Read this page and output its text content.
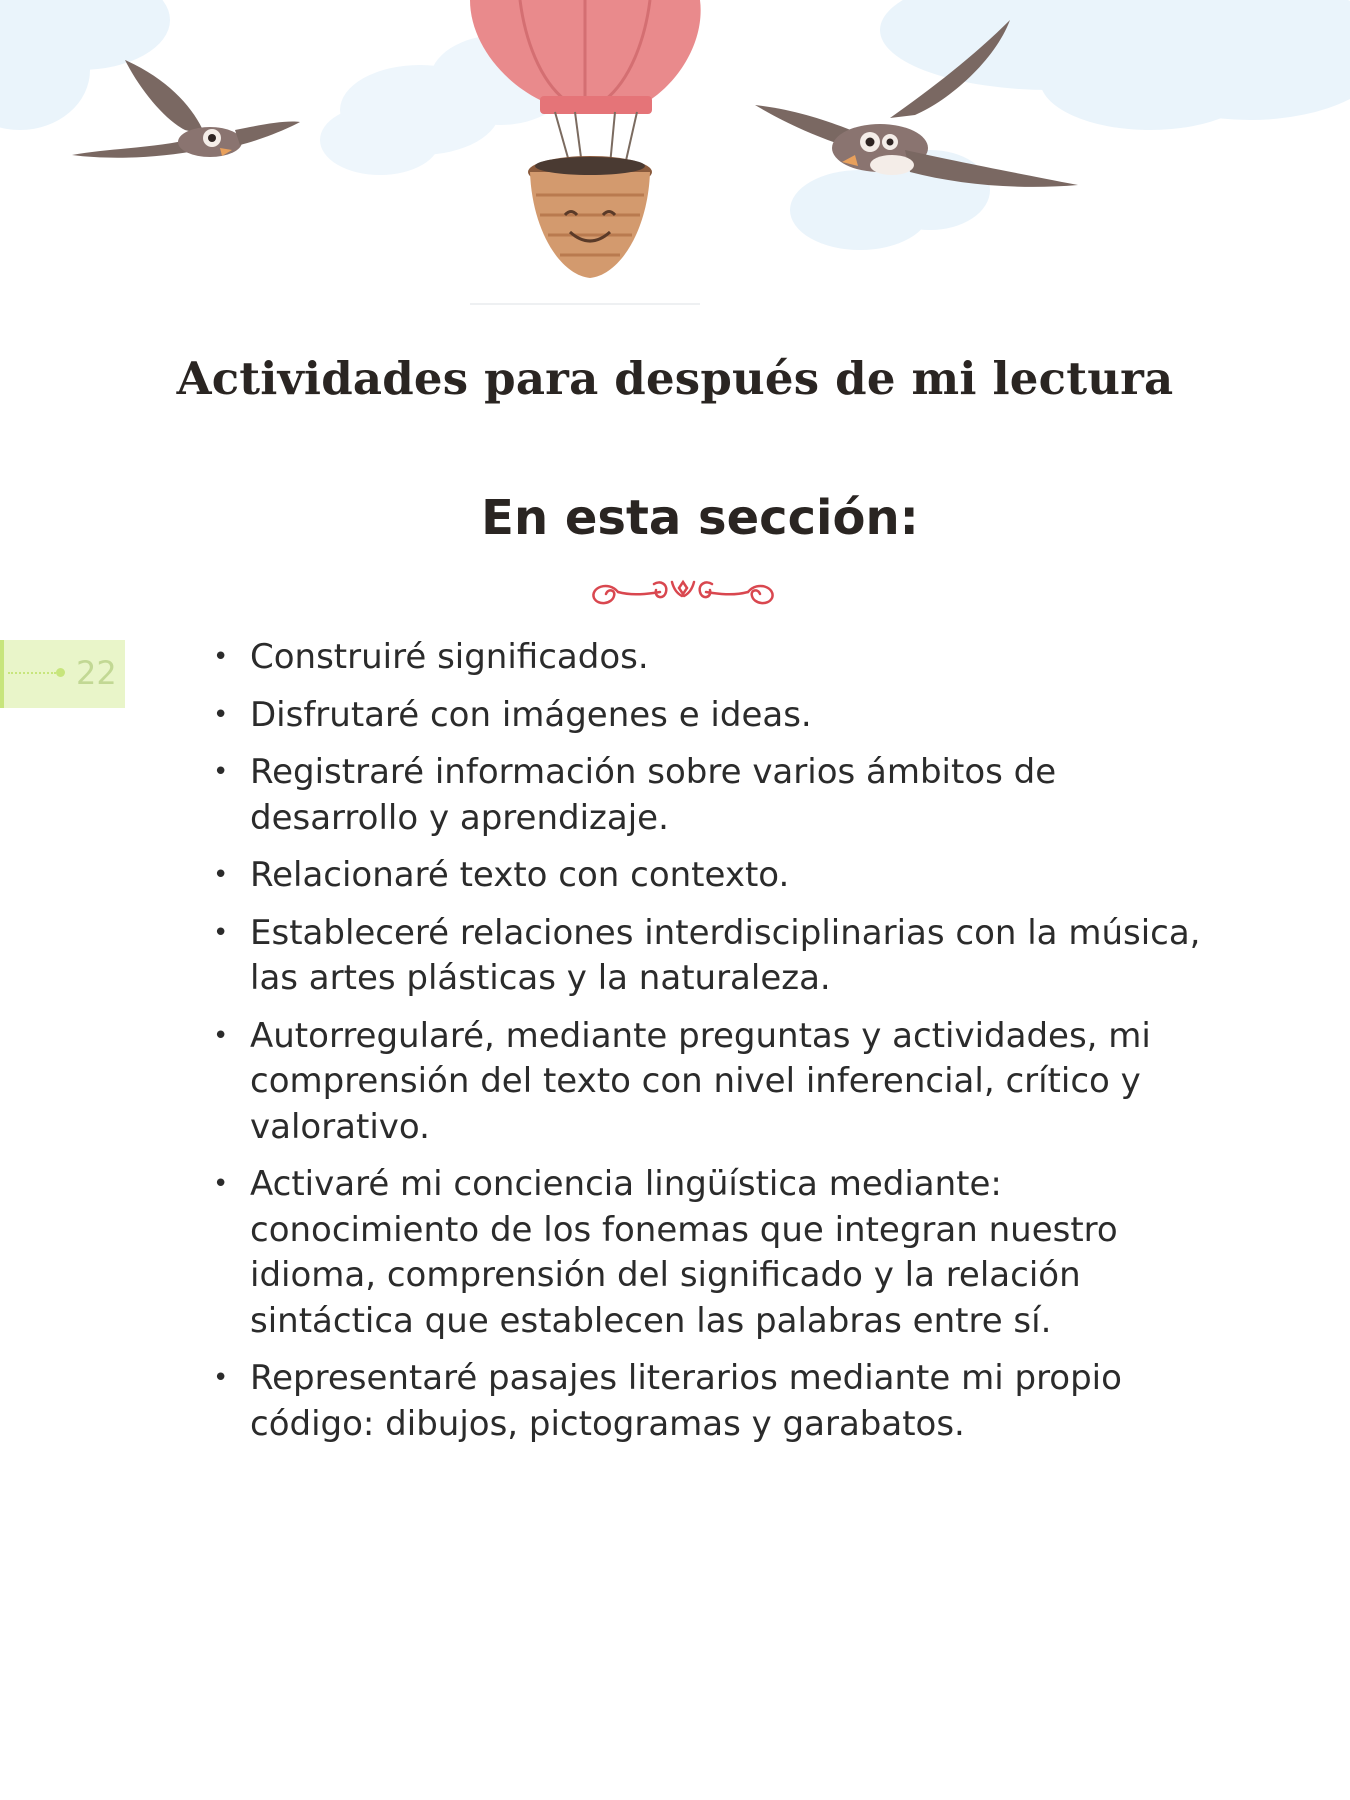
Actividades para después de mi lectura
En esta sección:
22
•	Construiré significados.
• Disfrutaré con imágenes e ideas.
• Registraré información sobre varios ámbitos de desarrollo y aprendizaje.
• Relacionaré texto con contexto.
• Estableceré relaciones interdisciplinarias con la música, las artes plásticas y la naturaleza.
• Autorregularé, mediante preguntas y actividades, mi comprensión del texto con nivel inferencial, crítico y valorativo.
• Activaré mi conciencia lingüística mediante: conocimiento de los fonemas que integran nuestro idioma, comprensión del significado y la relación sintáctica que establecen las palabras entre sí.
• Representaré pasajes literarios mediante mi propio código: dibujos, pictogramas y garabatos.
